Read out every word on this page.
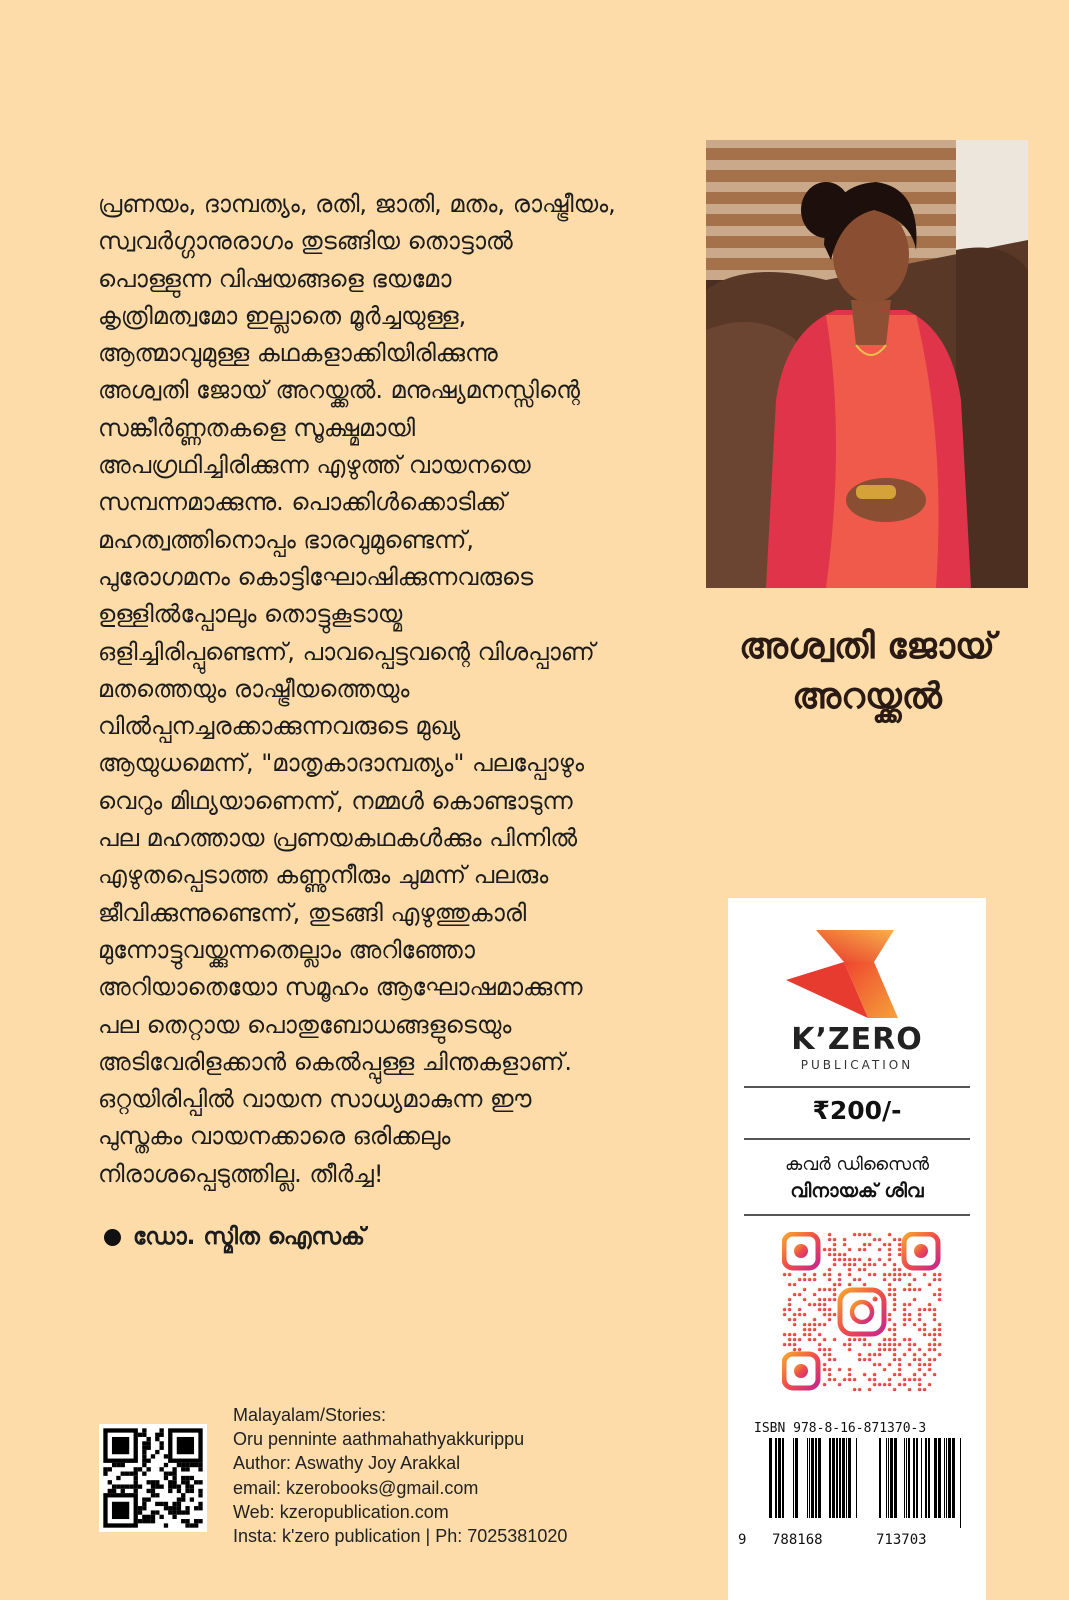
പ്രണയം, ദാമ്പത്യം, രതി, ജാതി, മതം, രാഷ്ട്രീയം,
സ്വവർഗ്ഗാനുരാഗം തുടങ്ങിയ തൊട്ടാൽ
പൊള്ളുന്ന വിഷയങ്ങളെ ഭയമോ
കൃത്രിമത്വമോ ഇല്ലാതെ മൂർച്ചയുള്ള,
ആത്മാവുമുള്ള കഥകളാക്കിയിരിക്കുന്നു
അശ്വതി ജോയ് അറയ്ക്കൽ. മനുഷ്യമനസ്സിന്റെ
സങ്കീർണ്ണതകളെ സൂക്ഷ്മമായി
അപഗ്രഥിച്ചിരിക്കുന്ന എഴുത്ത് വായനയെ
സമ്പന്നമാക്കുന്നു. പൊക്കിൾക്കൊടിക്ക്
മഹത്വത്തിനൊപ്പം ഭാരവുമുണ്ടെന്ന്,
പുരോഗമനം കൊട്ടിഘോഷിക്കുന്നവരുടെ
ഉള്ളിൽപ്പോലും തൊട്ടുകൂടായ്മ
ഒളിച്ചിരിപ്പുണ്ടെന്ന്, പാവപ്പെട്ടവന്റെ വിശപ്പാണ്
മതത്തെയും രാഷ്ട്രീയത്തെയും
വിൽപ്പനച്ചരക്കാക്കുന്നവരുടെ മുഖ്യ
ആയുധമെന്ന്, "മാതൃകാദാമ്പത്യം" പലപ്പോഴും
വെറും മിഥ്യയാണെന്ന്, നമ്മൾ കൊണ്ടാടുന്ന
പല മഹത്തായ പ്രണയകഥകൾക്കും പിന്നിൽ
എഴുതപ്പെടാത്ത കണ്ണുനീരും ചുമന്ന് പലരും
ജീവിക്കുന്നുണ്ടെന്ന്, തുടങ്ങി എഴുത്തുകാരി
മുന്നോട്ടുവയ്ക്കുന്നതെല്ലാം അറിഞ്ഞോ
അറിയാതെയോ സമൂഹം ആഘോഷമാക്കുന്ന
പല തെറ്റായ പൊതുബോധങ്ങളുടെയും
അടിവേരിളക്കാൻ കെൽപ്പുള്ള ചിന്തകളാണ്.
ഒറ്റയിരിപ്പിൽ വായന സാധ്യമാകുന്ന ഈ
പുസ്തകം വായനക്കാരെ ഒരിക്കലും
നിരാശപ്പെടുത്തില്ല. തീർച്ച!
ഡോ. സ്മിത ഐസക്
അശ്വതി ജോയ്
അറയ്ക്കൽ
K’ZERO
PUBLICATION
₹200/-
കവർ ഡിസൈൻ
വിനായക് ശിവ
ISBN 978-8-16-871370-3
9 788168	713703
Malayalam/Stories:
Oru penninte aathmahathyakkurippu
Author: Aswathy Joy Arakkal
email: kzerobooks@gmail.com
Web: kzeropublication.com
Insta: k'zero publication | Ph: 7025381020
